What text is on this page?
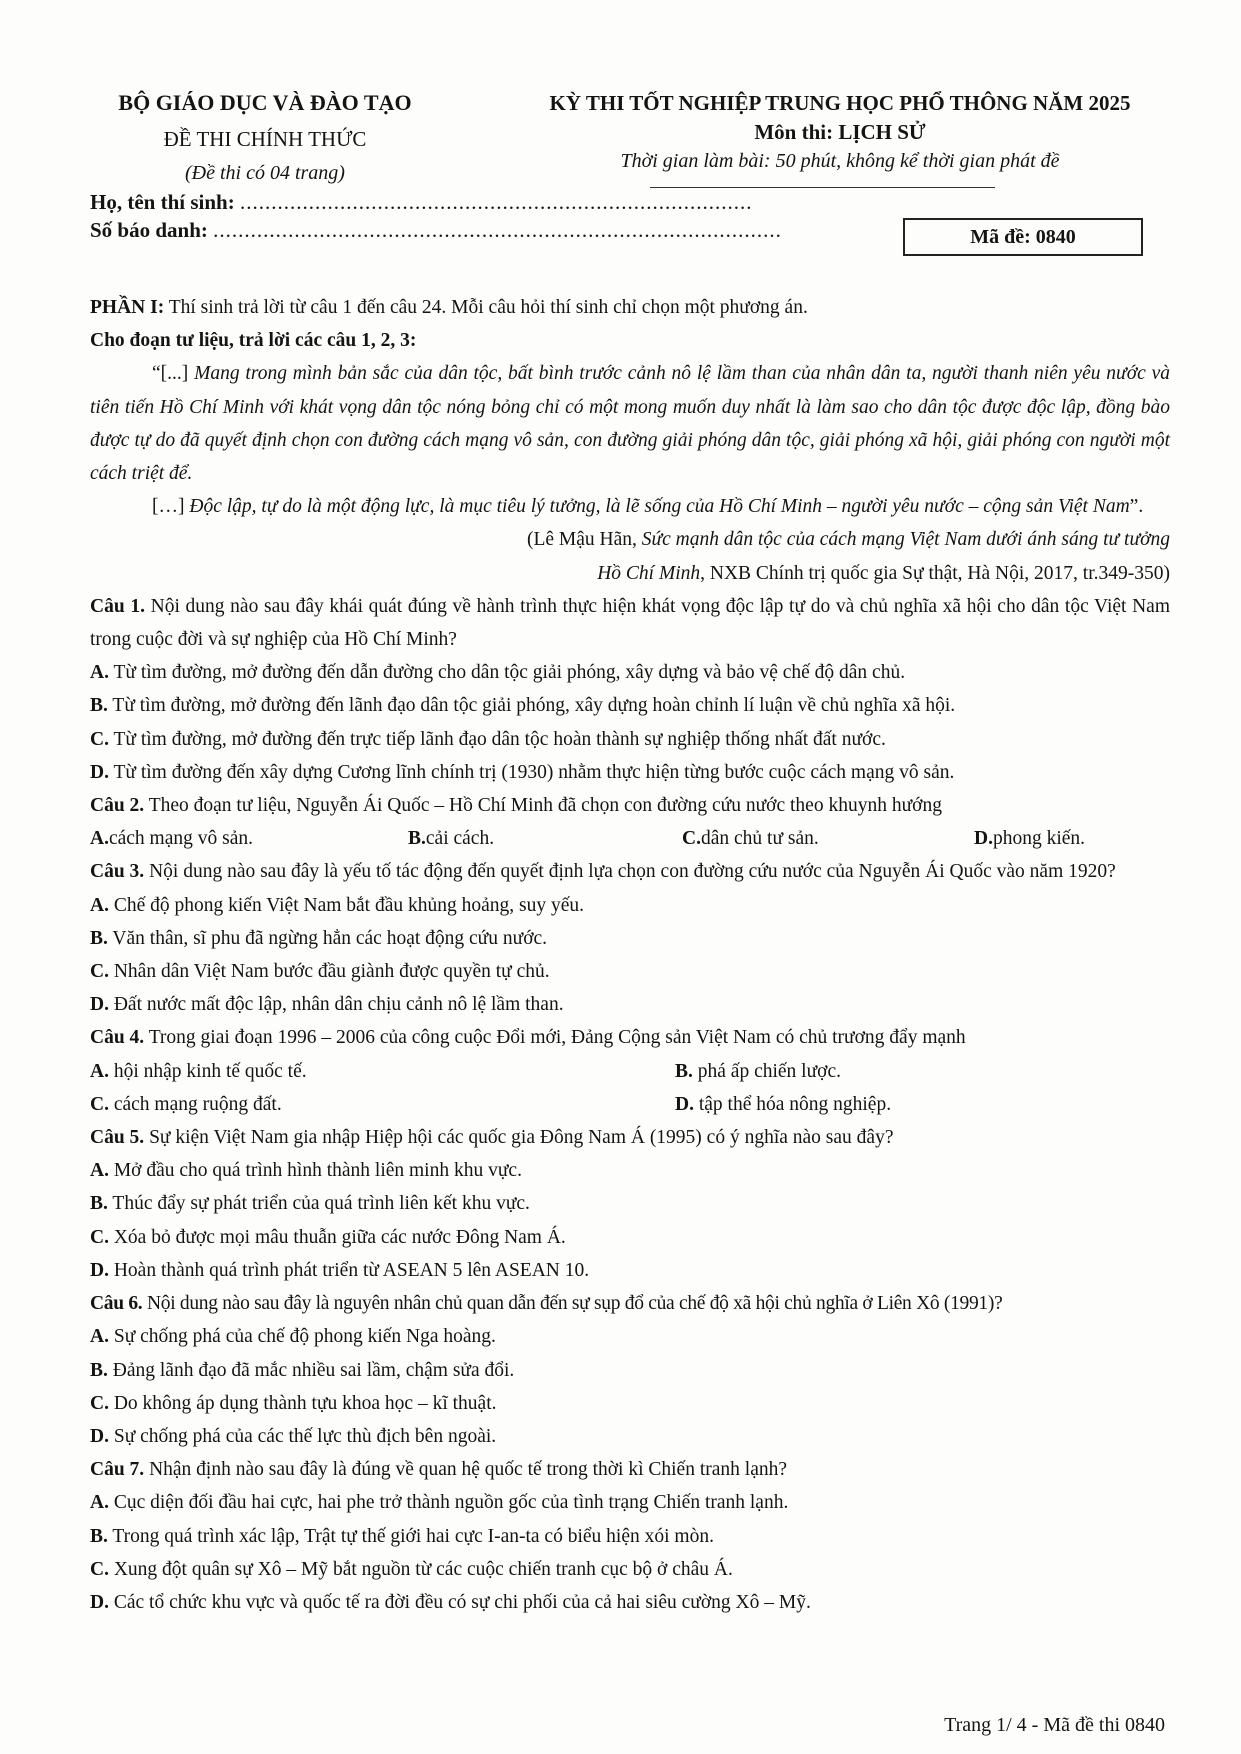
BỘ GIÁO DỤC VÀ ĐÀO TẠO
ĐỀ THI CHÍNH THỨC
(Đề thi có 04 trang)
KỲ THI TỐT NGHIỆP TRUNG HỌC PHỔ THÔNG NĂM 2025
Môn thi: LỊCH SỬ
Thời gian làm bài: 50 phút, không kể thời gian phát đề
Họ, tên thí sinh: ..................................................................................
Số báo danh: ...........................................................................................	Mã đề: 0840

PHẦN I: Thí sinh trả lời từ câu 1 đến câu 24. Mỗi câu hỏi thí sinh chỉ chọn một phương án.

Cho đoạn tư liệu, trả lời các câu 1, 2, 3:

“[...] Mang trong mình bản sắc của dân tộc, bất bình trước cảnh nô lệ lầm than của nhân dân ta, người thanh niên yêu nước và tiên tiến Hồ Chí Minh với khát vọng dân tộc nóng bỏng chỉ có một mong muốn duy nhất là làm sao cho dân tộc được độc lập, đồng bào được tự do đã quyết định chọn con đường cách mạng vô sản, con đường giải phóng dân tộc, giải phóng xã hội, giải phóng con người một cách triệt để.

[…] Độc lập, tự do là một động lực, là mục tiêu lý tưởng, là lẽ sống của Hồ Chí Minh – người yêu nước – cộng sản Việt Nam”.

(Lê Mậu Hãn, Sức mạnh dân tộc của cách mạng Việt Nam dưới ánh sáng tư tưởng

Hồ Chí Minh, NXB Chính trị quốc gia Sự thật, Hà Nội, 2017, tr.349-350)

Câu 1. Nội dung nào sau đây khái quát đúng về hành trình thực hiện khát vọng độc lập tự do và chủ nghĩa xã hội cho dân tộc Việt Nam trong cuộc đời và sự nghiệp của Hồ Chí Minh?

A. Từ tìm đường, mở đường đến dẫn đường cho dân tộc giải phóng, xây dựng và bảo vệ chế độ dân chủ.

B. Từ tìm đường, mở đường đến lãnh đạo dân tộc giải phóng, xây dựng hoàn chỉnh lí luận về chủ nghĩa xã hội.

C. Từ tìm đường, mở đường đến trực tiếp lãnh đạo dân tộc hoàn thành sự nghiệp thống nhất đất nước.

D. Từ tìm đường đến xây dựng Cương lĩnh chính trị (1930) nhằm thực hiện từng bước cuộc cách mạng vô sản.

Câu 2. Theo đoạn tư liệu, Nguyễn Ái Quốc – Hồ Chí Minh đã chọn con đường cứu nước theo khuynh hướng

A.cách mạng vô sản.	B.cải cách.	C.dân chủ tư sản.	D.phong kiến.

Câu 3. Nội dung nào sau đây là yếu tố tác động đến quyết định lựa chọn con đường cứu nước của Nguyễn Ái Quốc vào năm 1920?

A. Chế độ phong kiến Việt Nam bắt đầu khủng hoảng, suy yếu.

B. Văn thân, sĩ phu đã ngừng hẳn các hoạt động cứu nước.

C. Nhân dân Việt Nam bước đầu giành được quyền tự chủ.

D. Đất nước mất độc lập, nhân dân chịu cảnh nô lệ lầm than.

Câu 4. Trong giai đoạn 1996 – 2006 của công cuộc Đổi mới, Đảng Cộng sản Việt Nam có chủ trương đẩy mạnh

A. hội nhập kinh tế quốc tế.	B. phá ấp chiến lược.
C. cách mạng ruộng đất.	D. tập thể hóa nông nghiệp.

Câu 5. Sự kiện Việt Nam gia nhập Hiệp hội các quốc gia Đông Nam Á (1995) có ý nghĩa nào sau đây?

A. Mở đầu cho quá trình hình thành liên minh khu vực.

B. Thúc đẩy sự phát triển của quá trình liên kết khu vực.

C. Xóa bỏ được mọi mâu thuẫn giữa các nước Đông Nam Á.

D. Hoàn thành quá trình phát triển từ ASEAN 5 lên ASEAN 10.

Câu 6. Nội dung nào sau đây là nguyên nhân chủ quan dẫn đến sự sụp đổ của chế độ xã hội chủ nghĩa ở Liên Xô (1991)?

A. Sự chống phá của chế độ phong kiến Nga hoàng.

B. Đảng lãnh đạo đã mắc nhiều sai lầm, chậm sửa đổi.

C. Do không áp dụng thành tựu khoa học – kĩ thuật.

D. Sự chống phá của các thế lực thù địch bên ngoài.

Câu 7. Nhận định nào sau đây là đúng về quan hệ quốc tế trong thời kì Chiến tranh lạnh?

A. Cục diện đối đầu hai cực, hai phe trở thành nguồn gốc của tình trạng Chiến tranh lạnh.

B. Trong quá trình xác lập, Trật tự thế giới hai cực I-an-ta có biểu hiện xói mòn.

C. Xung đột quân sự Xô – Mỹ bắt nguồn từ các cuộc chiến tranh cục bộ ở châu Á.

D. Các tổ chức khu vực và quốc tế ra đời đều có sự chi phối của cả hai siêu cường Xô – Mỹ.

Trang 1/ 4 - Mã đề thi 0840
